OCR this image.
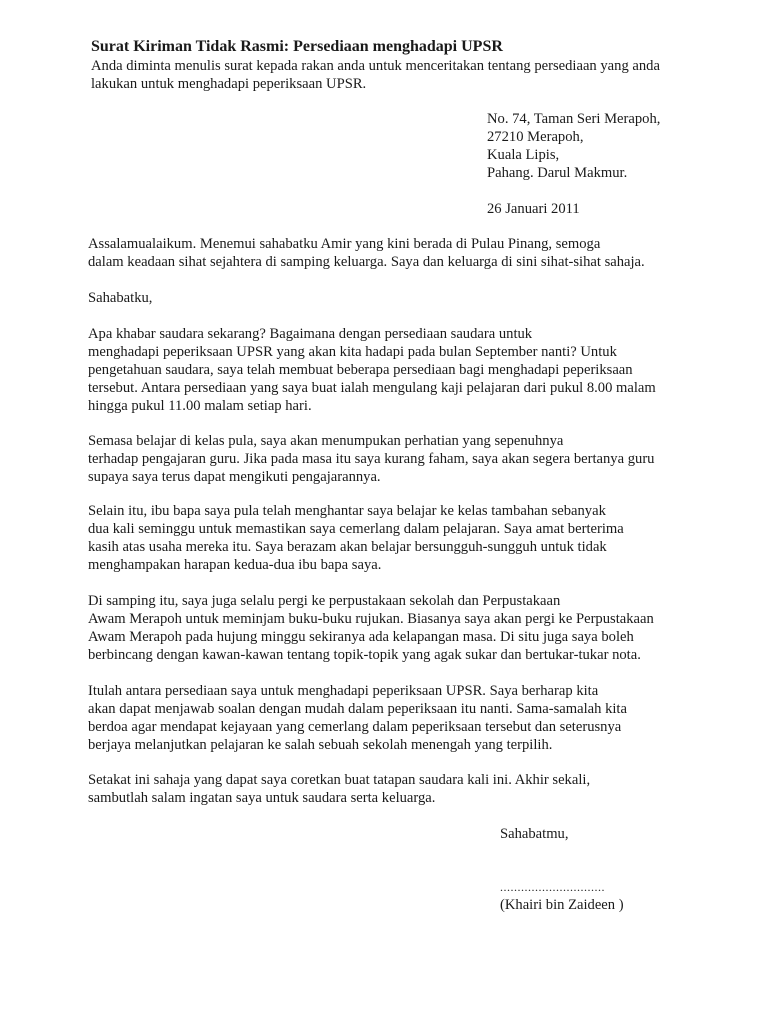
Surat Kiriman Tidak Rasmi: Persediaan menghadapi UPSR
Anda diminta menulis surat kepada rakan anda untuk menceritakan tentang persediaan yang anda
lakukan untuk menghadapi peperiksaan UPSR.
No. 74, Taman Seri Merapoh,
27210 Merapoh,
Kuala Lipis,
Pahang. Darul Makmur.
26 Januari 2011
Assalamualaikum. Menemui sahabatku Amir yang kini berada di Pulau Pinang, semoga
dalam keadaan sihat sejahtera di samping keluarga. Saya dan keluarga di sini sihat-sihat sahaja.
Sahabatku,
Apa khabar saudara sekarang? Bagaimana dengan persediaan saudara untuk
menghadapi peperiksaan UPSR yang akan kita hadapi pada bulan September nanti? Untuk
pengetahuan saudara, saya telah membuat beberapa persediaan bagi menghadapi peperiksaan
tersebut. Antara persediaan yang saya buat ialah mengulang kaji pelajaran dari pukul 8.00 malam
hingga pukul 11.00 malam setiap hari.
Semasa belajar di kelas pula, saya akan menumpukan perhatian yang sepenuhnya
terhadap pengajaran guru. Jika pada masa itu saya kurang faham, saya akan segera bertanya guru
supaya saya terus dapat mengikuti pengajarannya.
Selain itu, ibu bapa saya pula telah menghantar saya belajar ke kelas tambahan sebanyak
dua kali seminggu untuk memastikan saya cemerlang dalam pelajaran. Saya amat berterima
kasih atas usaha mereka itu. Saya berazam akan belajar bersungguh-sungguh untuk tidak
menghampakan harapan kedua-dua ibu bapa saya.
Di samping itu, saya juga selalu pergi ke perpustakaan sekolah dan Perpustakaan
Awam Merapoh untuk meminjam buku-buku rujukan. Biasanya saya akan pergi ke Perpustakaan
Awam Merapoh pada hujung minggu sekiranya ada kelapangan masa. Di situ juga saya boleh
berbincang dengan kawan-kawan tentang topik-topik yang agak sukar dan bertukar-tukar nota.
Itulah antara persediaan saya untuk menghadapi peperiksaan UPSR. Saya berharap kita
akan dapat menjawab soalan dengan mudah dalam peperiksaan itu nanti. Sama-samalah kita
berdoa agar mendapat kejayaan yang cemerlang dalam peperiksaan tersebut dan seterusnya
berjaya melanjutkan pelajaran ke salah sebuah sekolah menengah yang terpilih.
Setakat ini sahaja yang dapat saya coretkan buat tatapan saudara kali ini. Akhir sekali,
sambutlah salam ingatan saya untuk saudara serta keluarga.
Sahabatmu,
..............................
(Khairi bin Zaideen )
